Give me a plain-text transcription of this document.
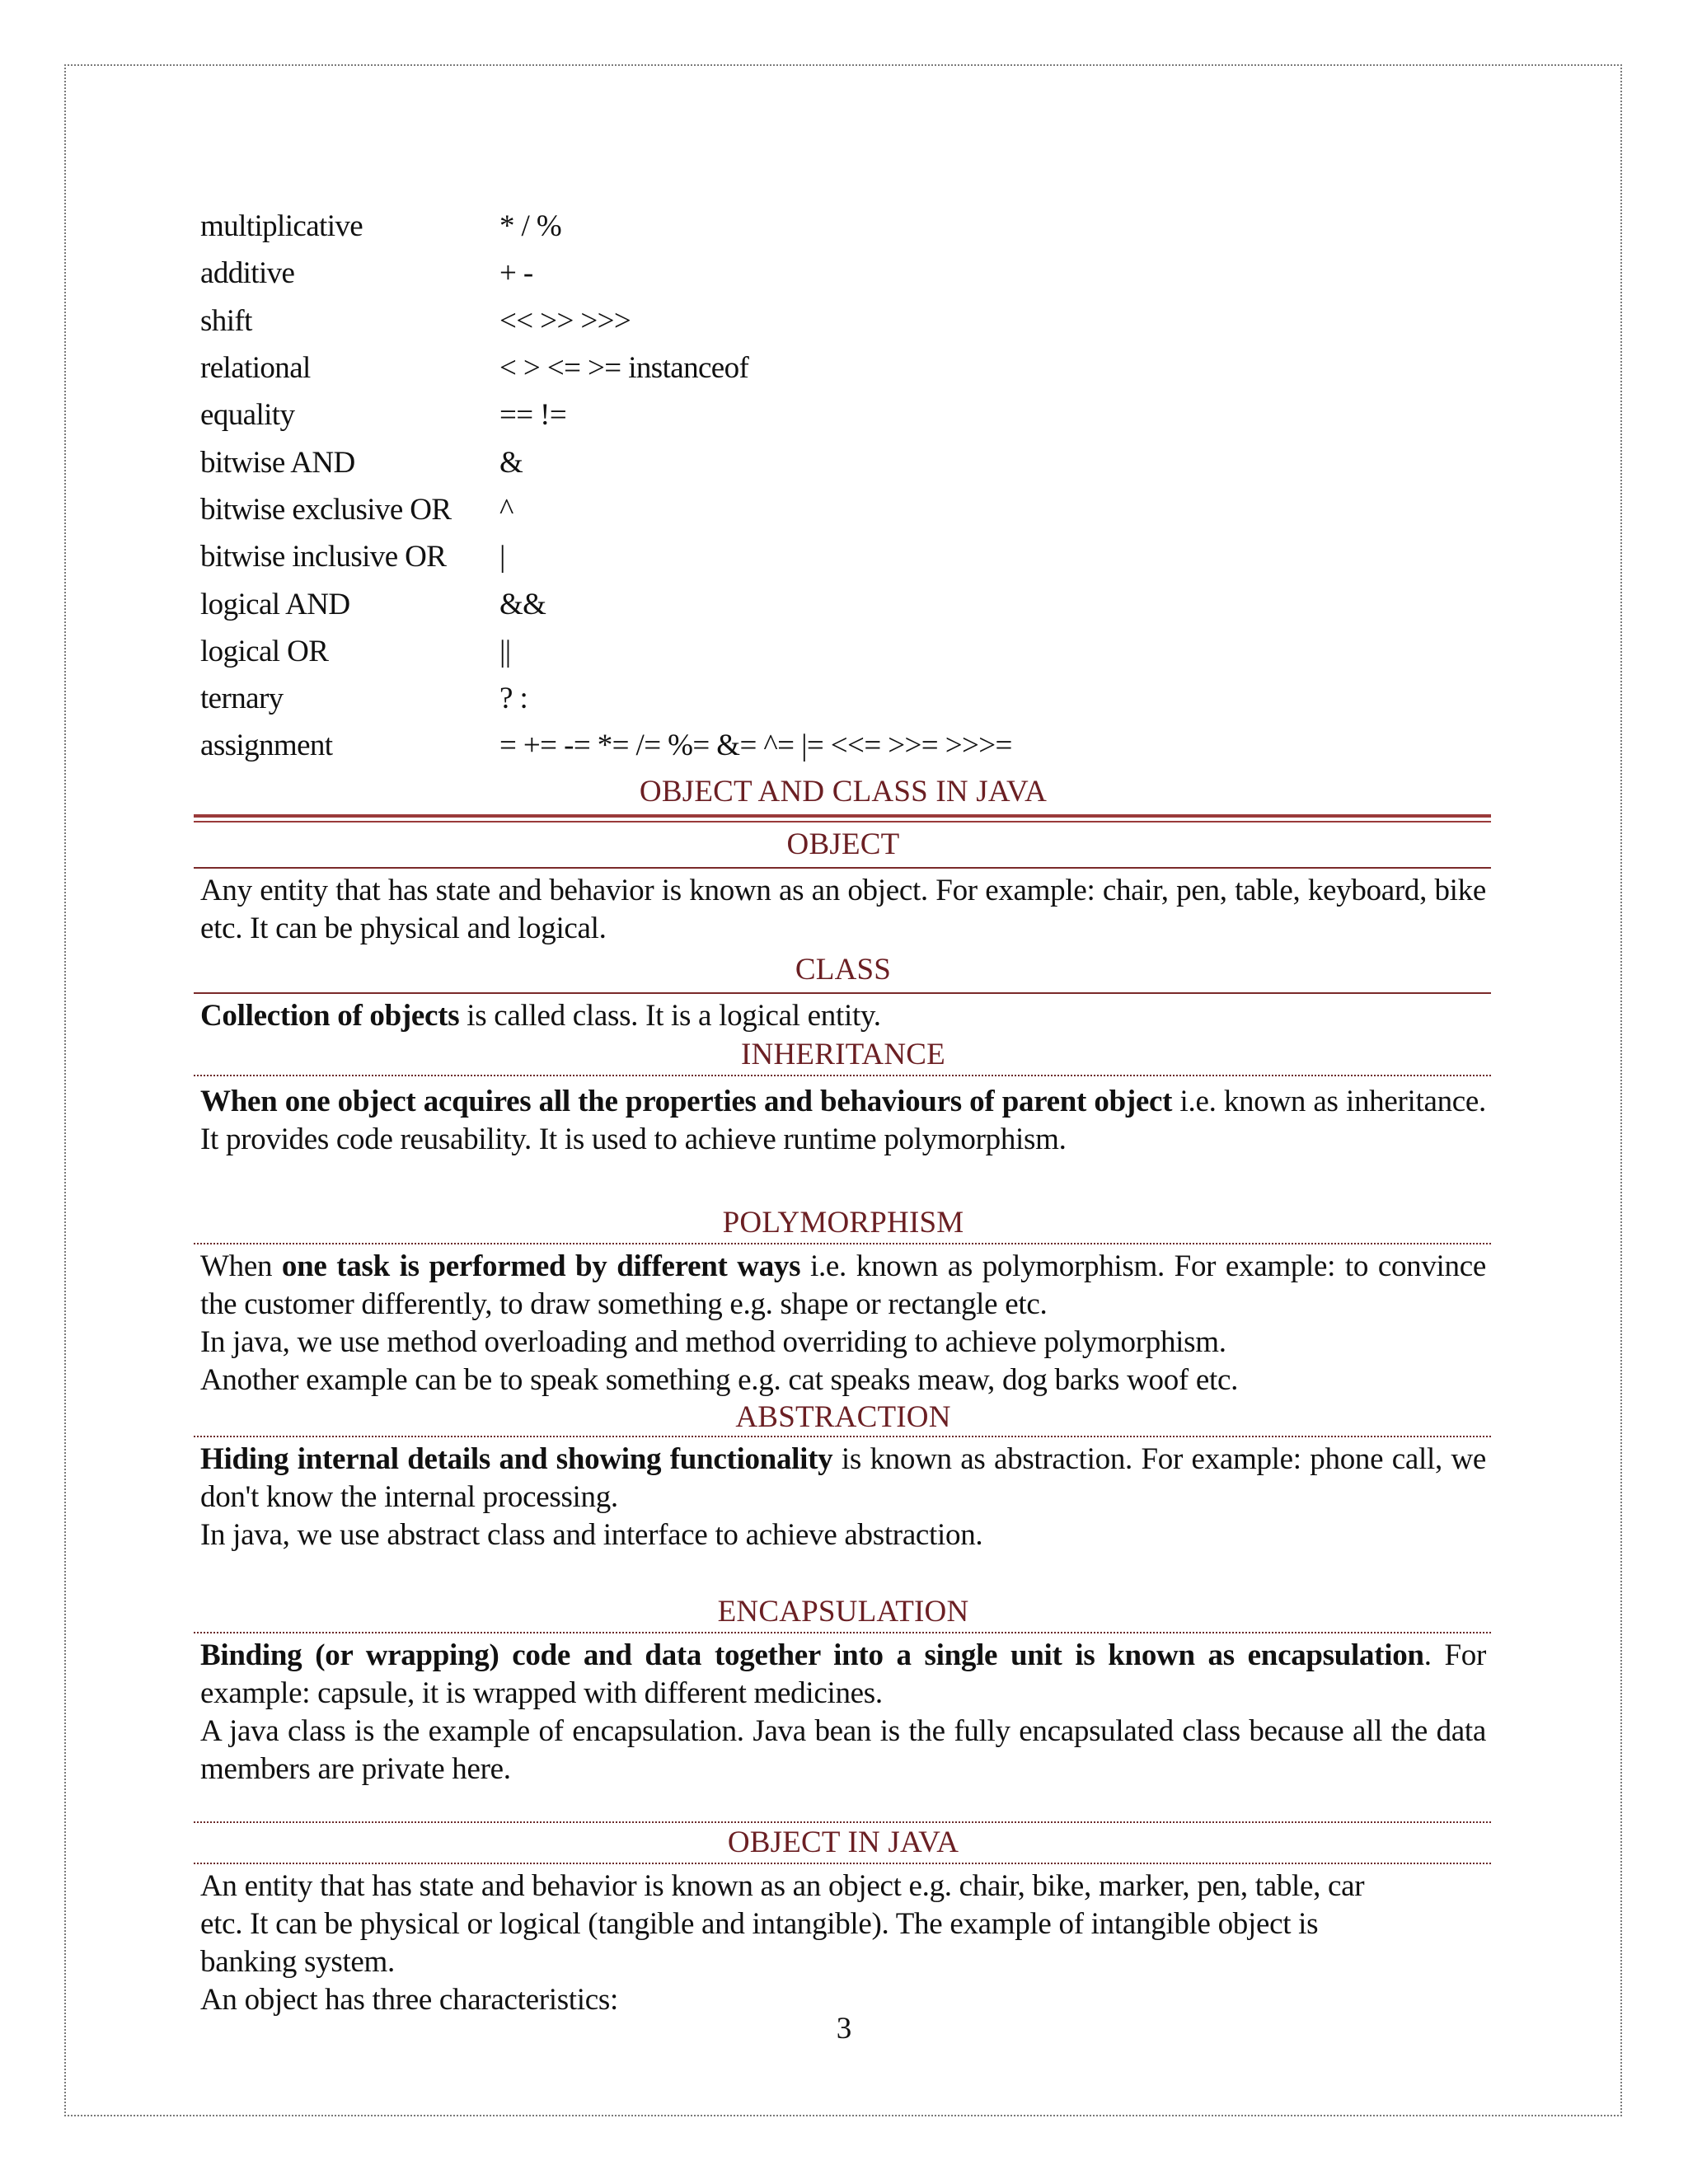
multiplicative	* / %
additive	+ -
shift	<< >> >>>
relational	< > <= >= instanceof
equality	== !=
bitwise AND	&
bitwise exclusive OR	^
bitwise inclusive OR	|
logical AND	&&
logical OR	||
ternary	? :
assignment	= += -= *= /= %= &= ^= |= <<= >>= >>>=
OBJECT AND CLASS IN JAVA
OBJECT

Any entity that has state and behavior is known as an object. For example: chair, pen, table, keyboard, bike etc. It can be physical and logical.

CLASS

Collection of objects is called class. It is a logical entity.

INHERITANCE

When one object acquires all the properties and behaviours of parent object i.e. known as inheritance. It provides code reusability. It is used to achieve runtime polymorphism.

POLYMORPHISM

When one task is performed by different ways i.e. known as polymorphism. For example: to convince the customer differently, to draw something e.g. shape or rectangle etc.

In java, we use method overloading and method overriding to achieve polymorphism.

Another example can be to speak something e.g. cat speaks meaw, dog barks woof etc.

ABSTRACTION

Hiding internal details and showing functionality is known as abstraction. For example: phone call, we don't know the internal processing.

In java, we use abstract class and interface to achieve abstraction.

ENCAPSULATION

Binding (or wrapping) code and data together into a single unit is known as encapsulation. For example: capsule, it is wrapped with different medicines.

A java class is the example of encapsulation. Java bean is the fully encapsulated class because all the data members are private here.

OBJECT IN JAVA

An entity that has state and behavior is known as an object e.g. chair, bike, marker, pen, table, car etc. It can be physical or logical (tangible and intangible). The example of intangible object is banking system.

An object has three characteristics:

3
